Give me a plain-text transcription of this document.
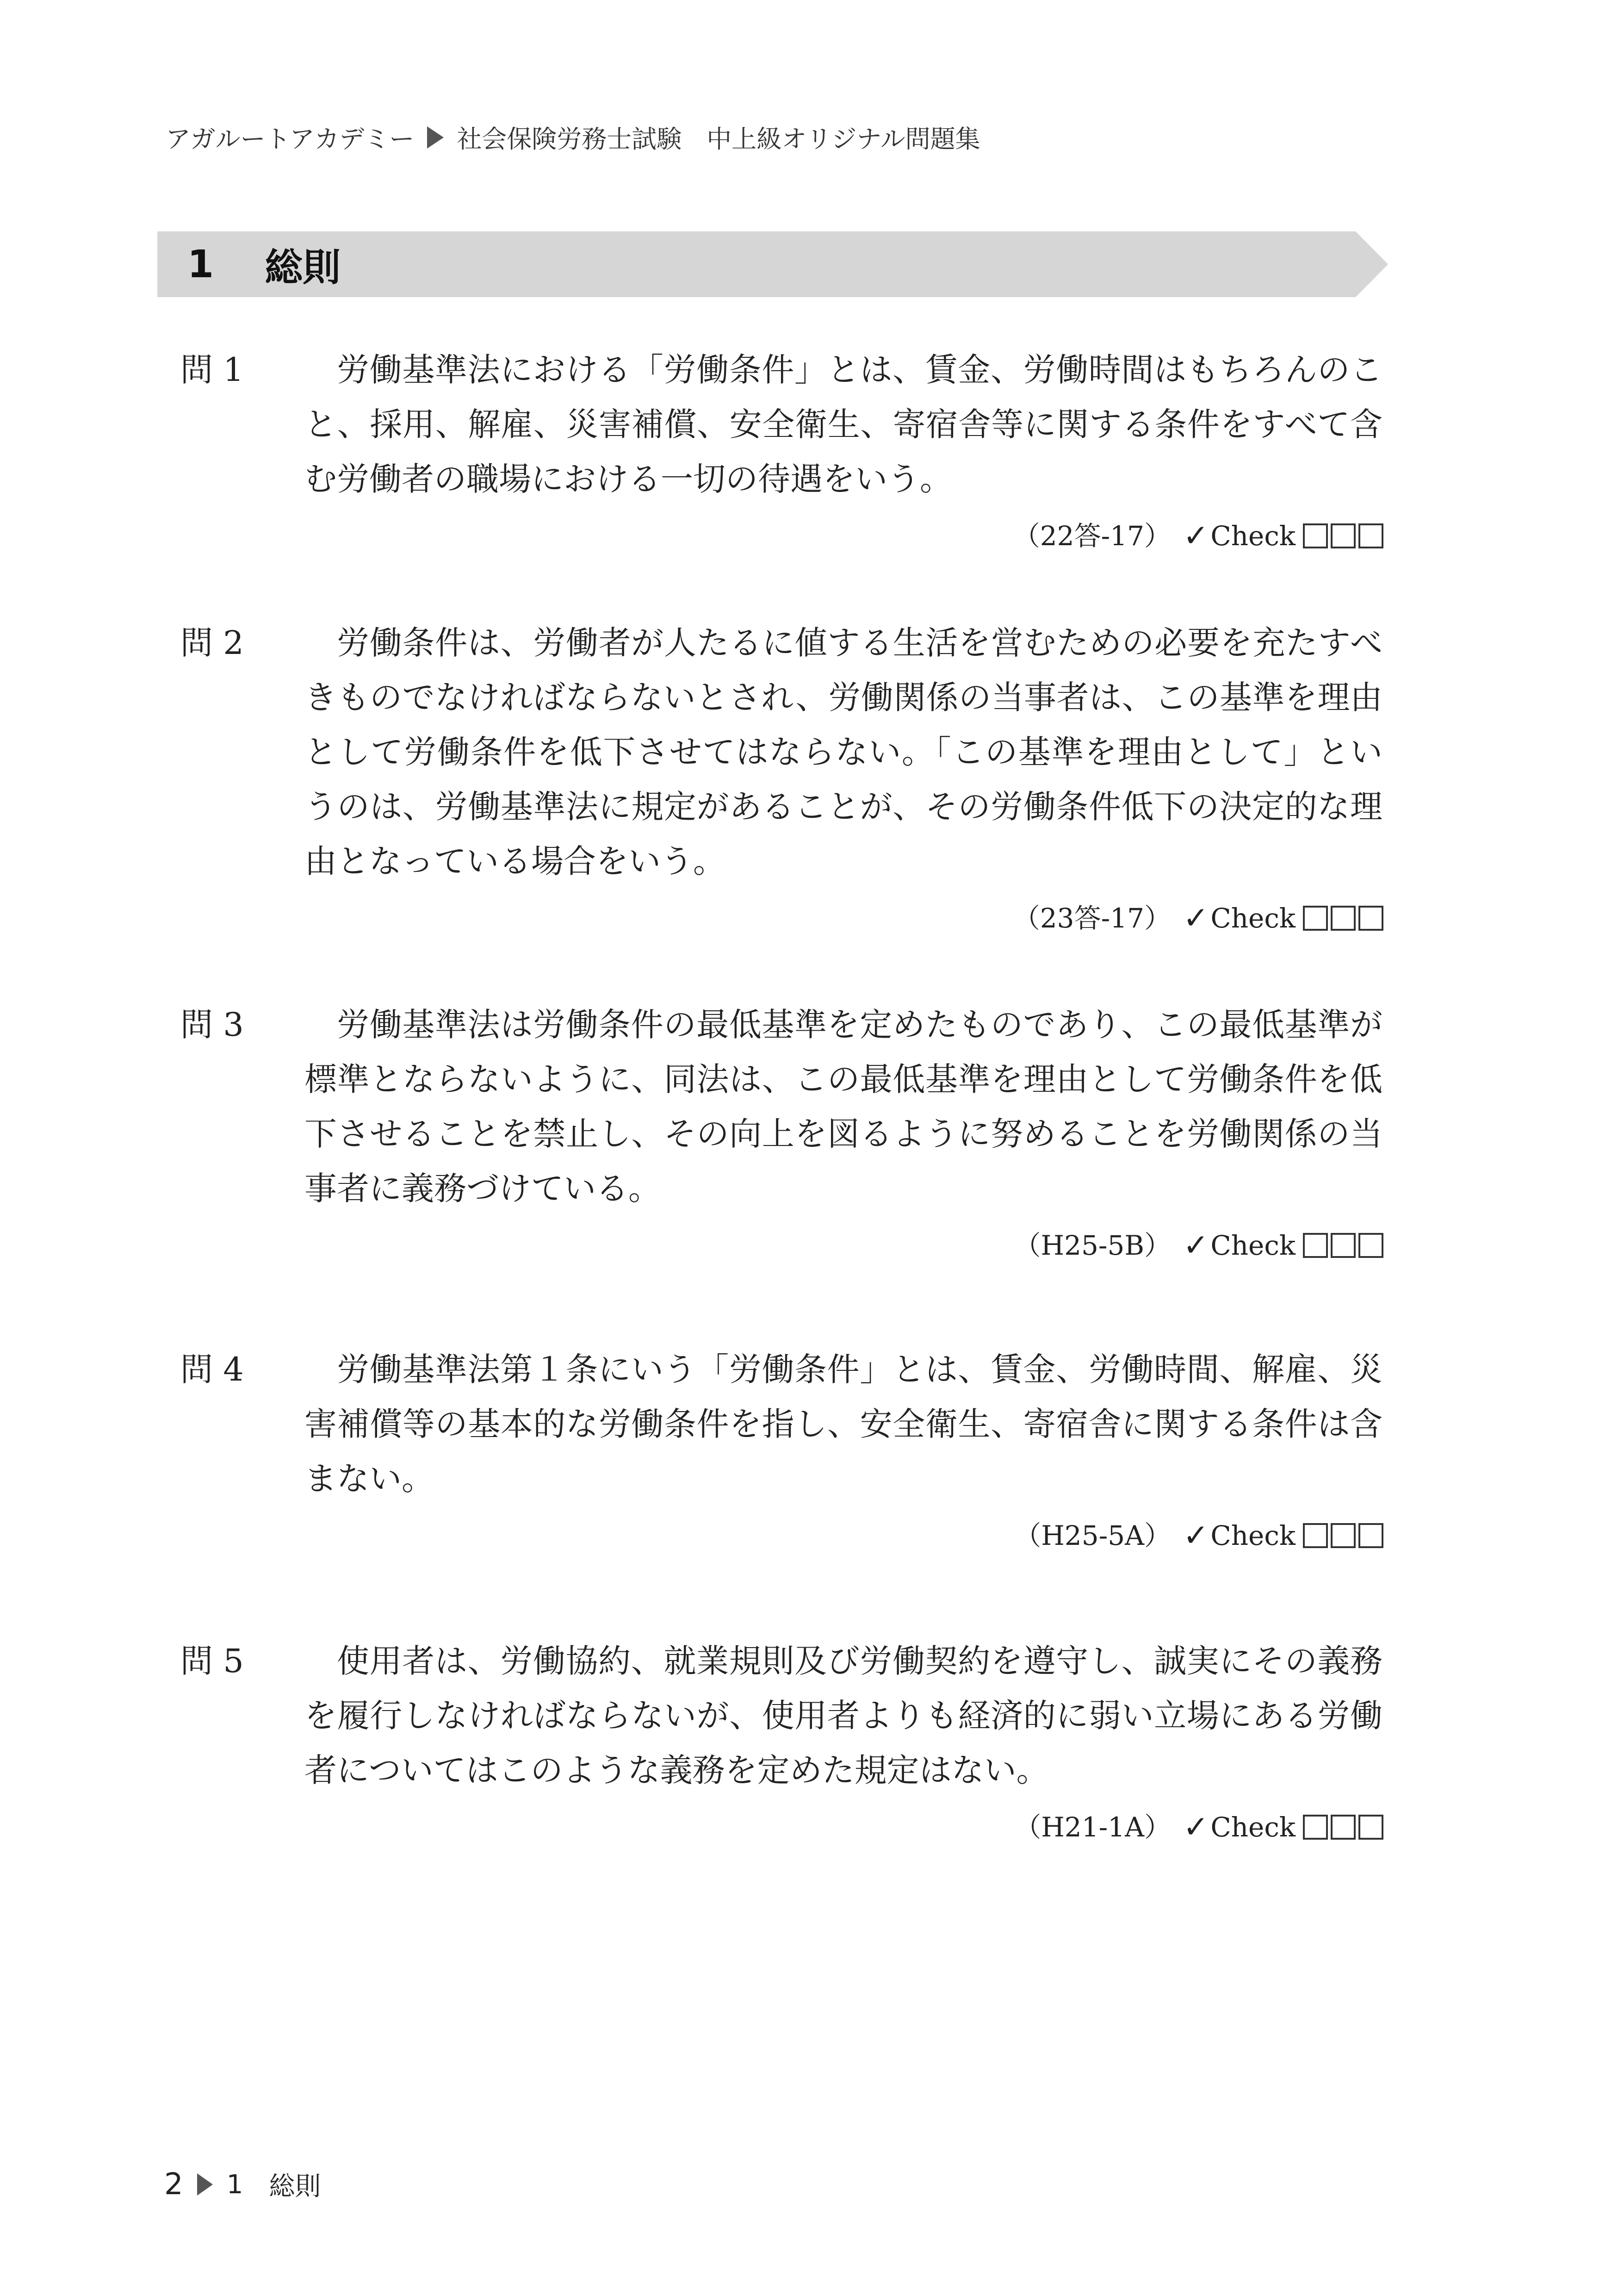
アガルートアカデミー 社会保険労務士試験　中上級オリジナル問題集
1 総則
問 1	労働基準法における「労働条件」とは、賃金、労働時間はもちろんのこと、採用、解雇、災害補償、安全衛生、寄宿舎等に関する条件をすべて含む労働者の職場における一切の待遇をいう。
（22答-17） ✓ Check
問 2	労働条件は、労働者が人たるに値する生活を営むための必要を充たすべきものでなければならないとされ、労働関係の当事者は、この基準を理由として労働条件を低下させてはならない。「この基準を理由として」というのは、労働基準法に規定があることが、その労働条件低下の決定的な理由となっている場合をいう。
（23答-17） ✓ Check
問 3	労働基準法は労働条件の最低基準を定めたものであり、この最低基準が標準とならないように、同法は、この最低基準を理由として労働条件を低下させることを禁止し、その向上を図るように努めることを労働関係の当事者に義務づけている。
（H25-5B） ✓ Check
問 4	労働基準法第１条にいう「労働条件」とは、賃金、労働時間、解雇、災害補償等の基本的な労働条件を指し、安全衛生、寄宿舎に関する条件は含まない。
（H25-5A） ✓ Check
問 5	使用者は、労働協約、就業規則及び労働契約を遵守し、誠実にその義務を履行しなければならないが、使用者よりも経済的に弱い立場にある労働者についてはこのような義務を定めた規定はない。
（H21-1A） ✓ Check
2 1 総則
